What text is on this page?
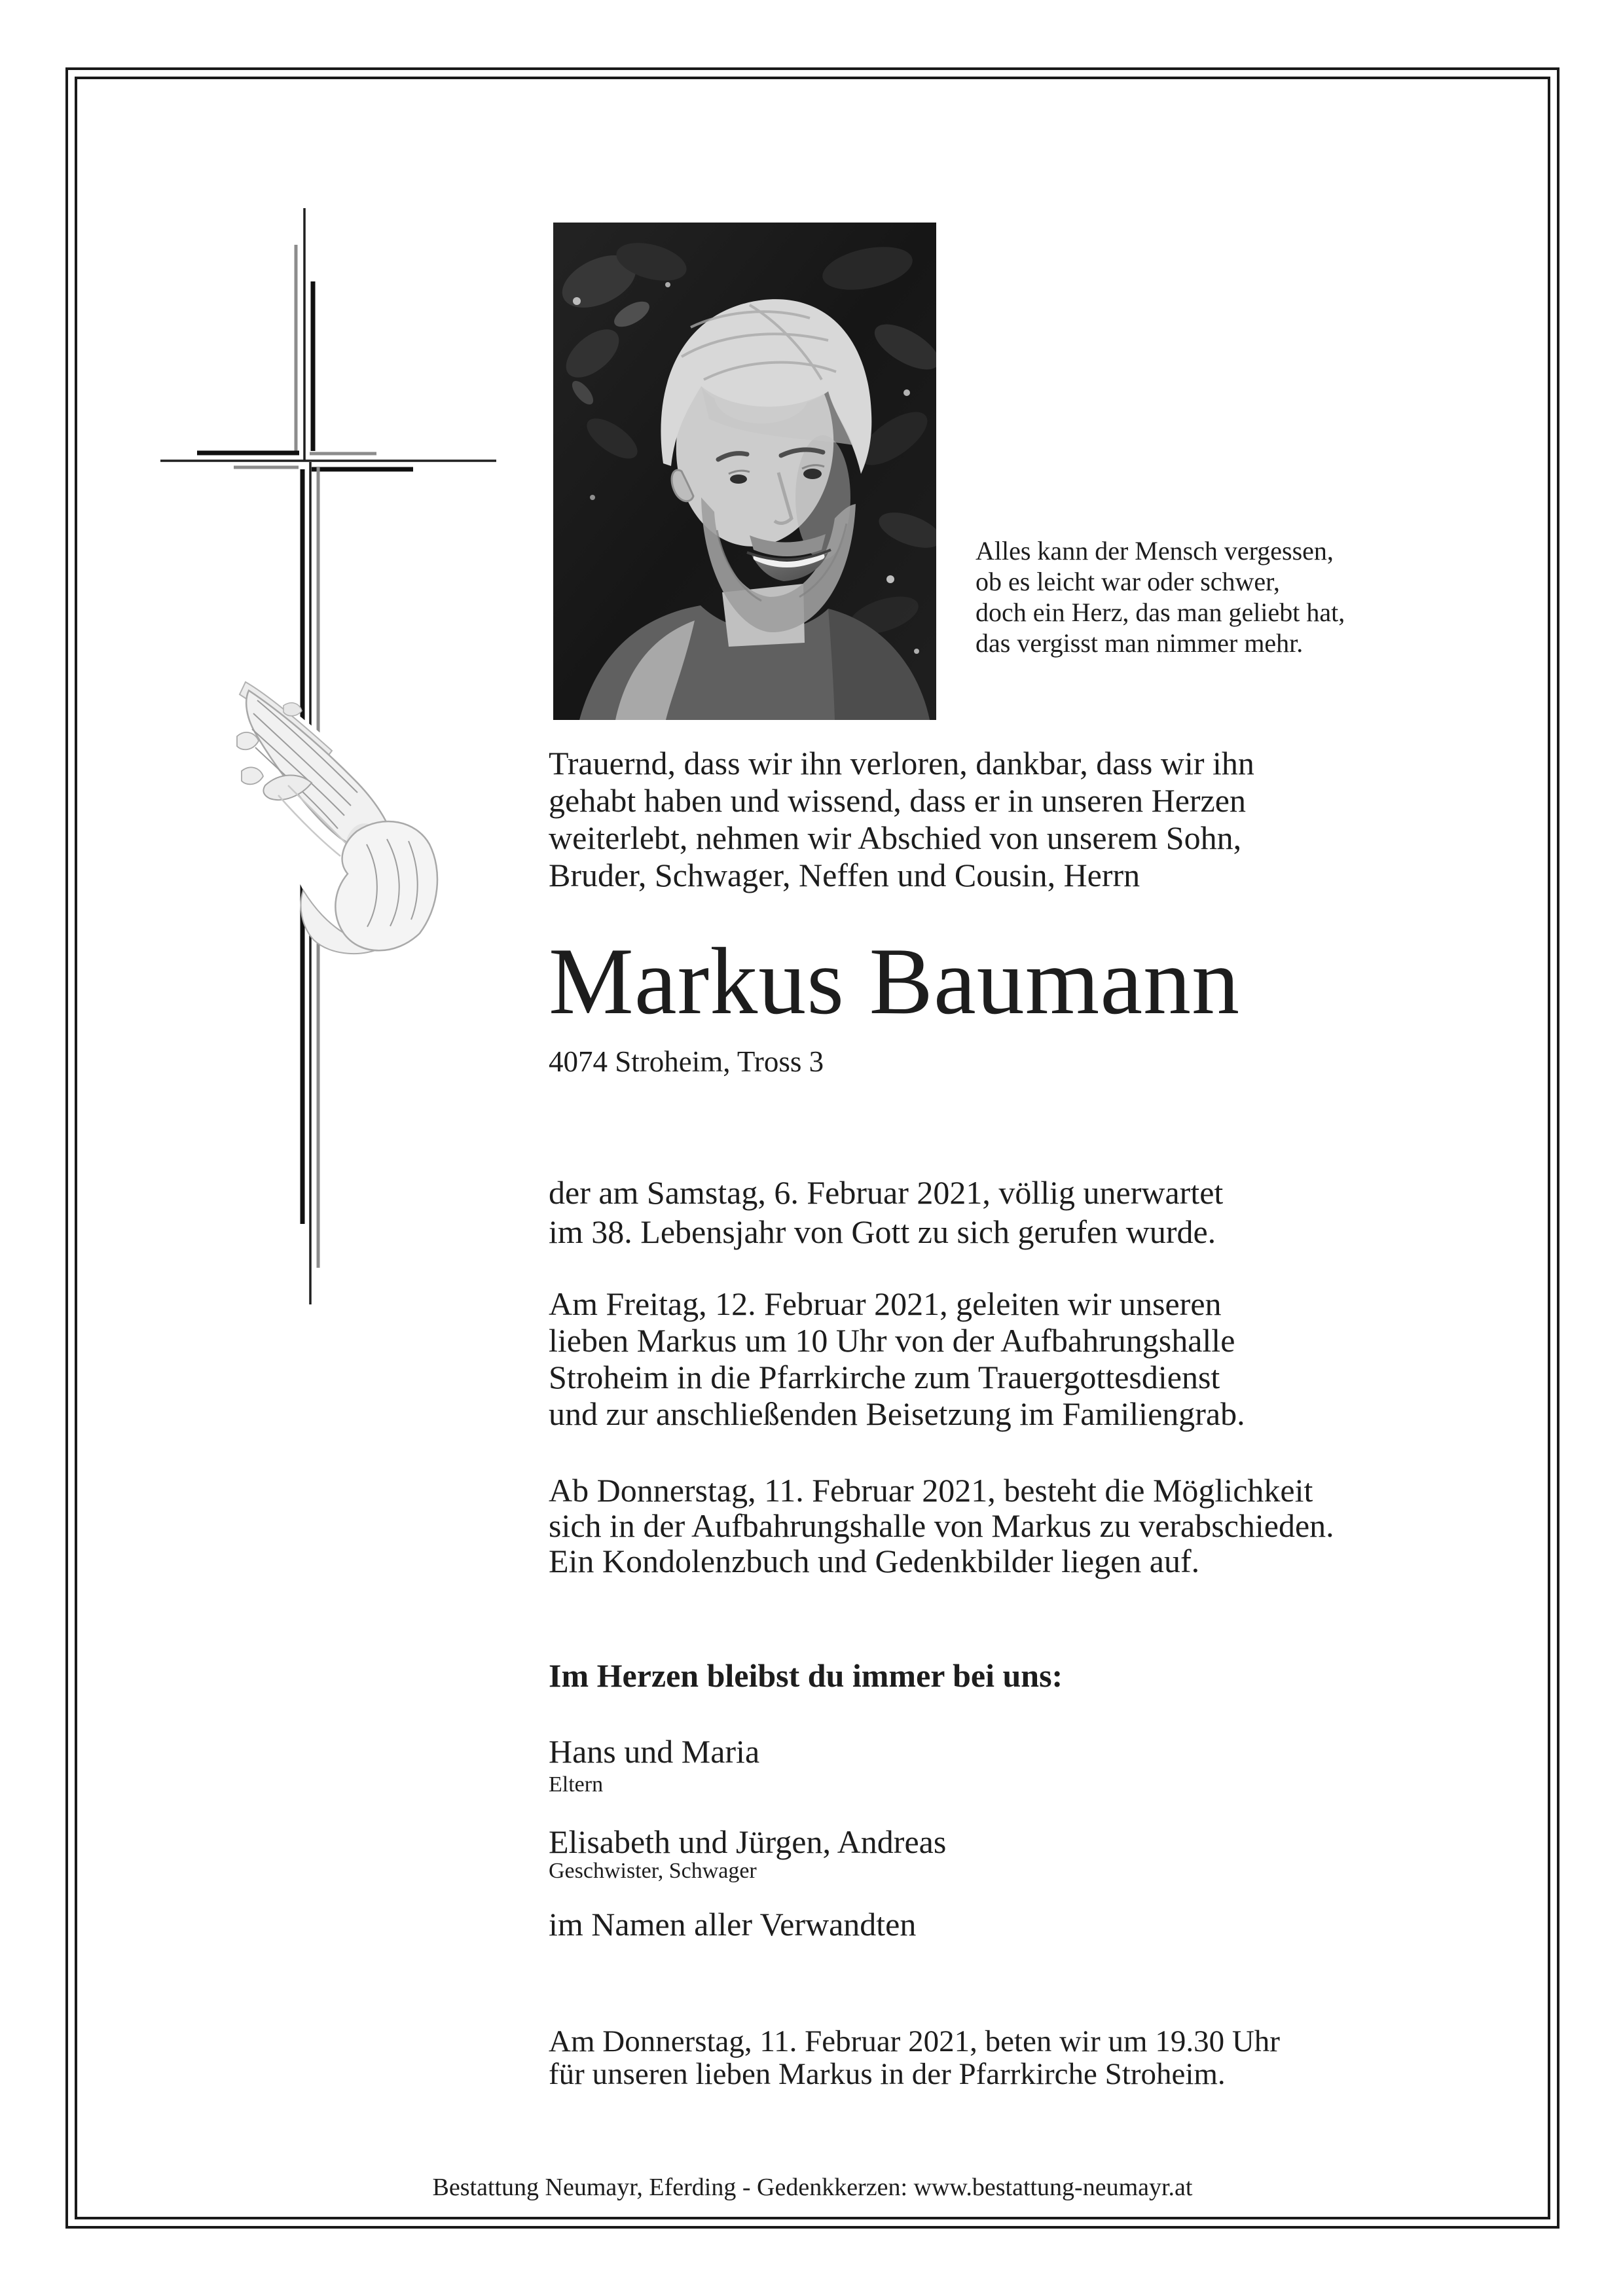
Alles kann der Mensch vergessen,
ob es leicht war oder schwer,
doch ein Herz, das man geliebt hat,
das vergisst man nimmer mehr.
Trauernd, dass wir ihn verloren, dankbar, dass wir ihn
gehabt haben und wissend, dass er in unseren Herzen
weiterlebt, nehmen wir Abschied von unserem Sohn,
Bruder, Schwager, Neffen und Cousin, Herrn
Markus Baumann
4074 Stroheim, Tross 3
der am Samstag, 6. Februar 2021, völlig unerwartet
im 38. Lebensjahr von Gott zu sich gerufen wurde.
Am Freitag, 12. Februar 2021, geleiten wir unseren
lieben Markus um 10 Uhr von der Aufbahrungshalle
Stroheim in die Pfarrkirche zum Trauergottesdienst
und zur anschließenden Beisetzung im Familiengrab.
Ab Donnerstag, 11. Februar 2021, besteht die Möglichkeit
sich in der Aufbahrungshalle von Markus zu verabschieden.
Ein Kondolenzbuch und Gedenkbilder liegen auf.
Im Herzen bleibst du immer bei uns:
Hans und Maria
Eltern
Elisabeth und Jürgen, Andreas
Geschwister, Schwager
im Namen aller Verwandten
Am Donnerstag, 11. Februar 2021, beten wir um 19.30 Uhr
für unseren lieben Markus in der Pfarrkirche Stroheim.
Bestattung Neumayr, Eferding - Gedenkkerzen: www.bestattung-neumayr.at
